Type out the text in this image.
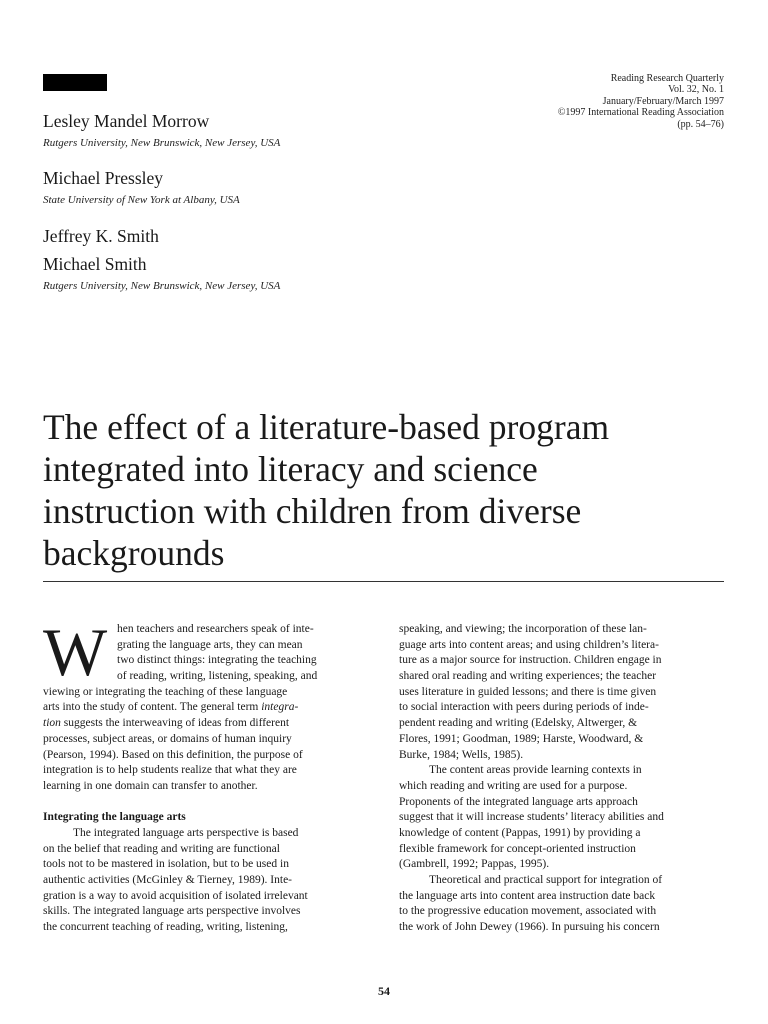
Reading Research Quarterly
Vol. 32, No. 1
January/February/March 1997
©1997 International Reading Association
(pp. 54–76)
Lesley Mandel Morrow
Rutgers University, New Brunswick, New Jersey, USA
Michael Pressley
State University of New York at Albany, USA
Jeffrey K. Smith
Michael Smith
Rutgers University, New Brunswick, New Jersey, USA
The effect of a literature-based program
integrated into literacy and science
instruction with children from diverse
backgrounds
W hen teachers and researchers speak of inte-
grating the language arts, they can mean
two distinct things: integrating the teaching
of reading, writing, listening, speaking, and
viewing or integrating the teaching of these language
arts into the study of content. The general term integra-
tion suggests the interweaving of ideas from different
processes, subject areas, or domains of human inquiry
(Pearson, 1994). Based on this definition, the purpose of
integration is to help students realize that what they are
learning in one domain can transfer to another.
Integrating the language arts
The integrated language arts perspective is based
on the belief that reading and writing are functional
tools not to be mastered in isolation, but to be used in
authentic activities (McGinley & Tierney, 1989). Inte-
gration is a way to avoid acquisition of isolated irrelevant
skills. The integrated language arts perspective involves
the concurrent teaching of reading, writing, listening,
speaking, and viewing; the incorporation of these lan-
guage arts into content areas; and using children’s litera-
ture as a major source for instruction. Children engage in
shared oral reading and writing experiences; the teacher
uses literature in guided lessons; and there is time given
to social interaction with peers during periods of inde-
pendent reading and writing (Edelsky, Altwerger, &
Flores, 1991; Goodman, 1989; Harste, Woodward, &
Burke, 1984; Wells, 1985).
The content areas provide learning contexts in
which reading and writing are used for a purpose.
Proponents of the integrated language arts approach
suggest that it will increase students’ literacy abilities and
knowledge of content (Pappas, 1991) by providing a
flexible framework for concept-oriented instruction
(Gambrell, 1992; Pappas, 1995).
Theoretical and practical support for integration of
the language arts into content area instruction date back
to the progressive education movement, associated with
the work of John Dewey (1966). In pursuing his concern
54
